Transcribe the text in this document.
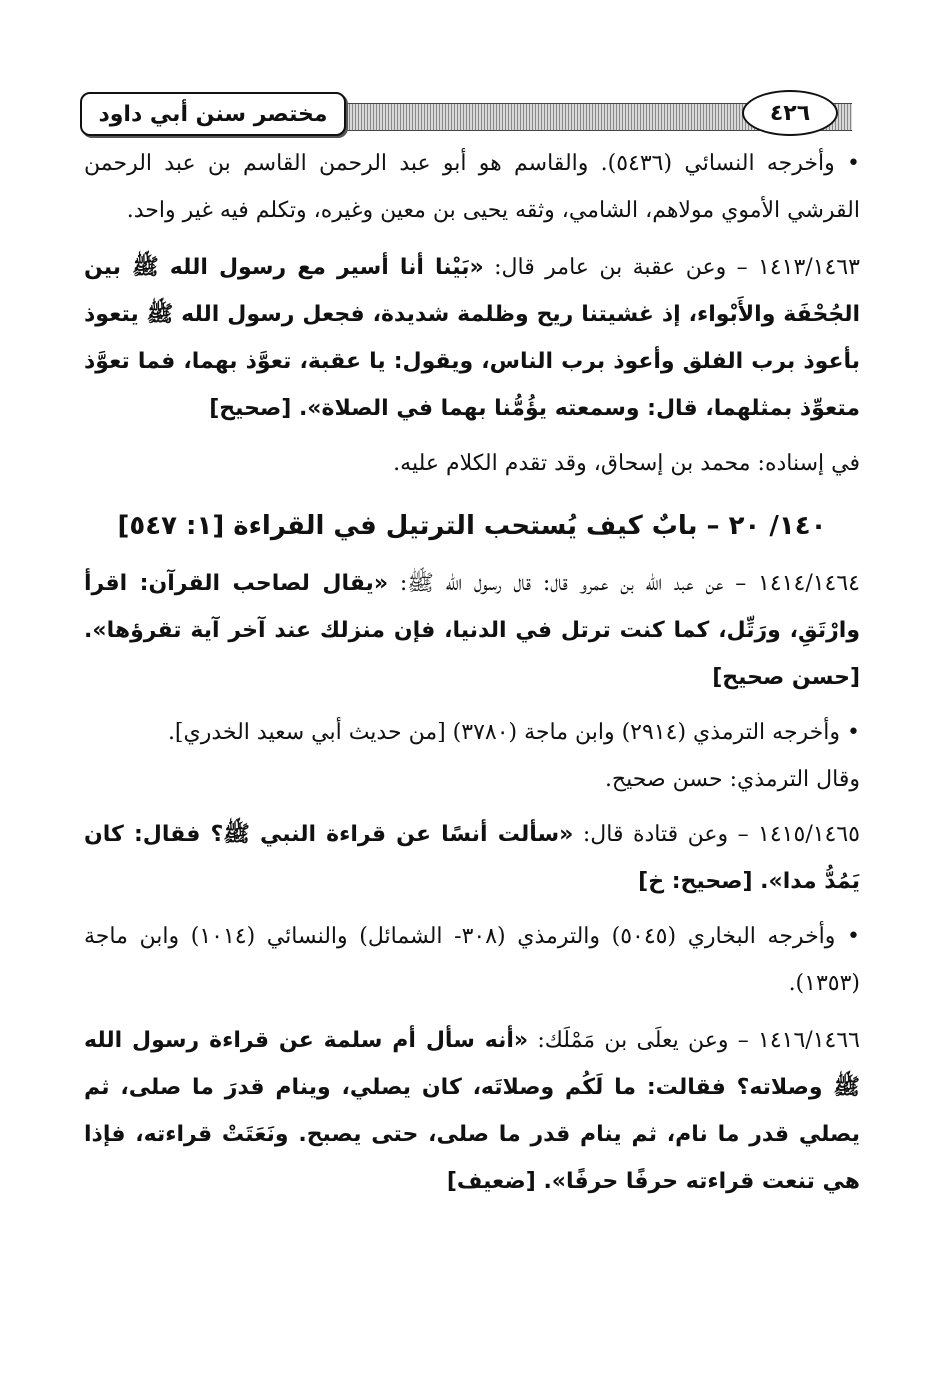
مختصر سنن أبي داود	٤٢٦

• وأخرجه النسائي (٥٤٣٦). والقاسم هو أبو عبد الرحمن القاسم بن عبد الرحمن القرشي الأموي مولاهم، الشامي، وثقه يحيى بن معين وغيره، وتكلم فيه غير واحد.

١٤١٣/١٤٦٣ – وعن عقبة بن عامر قال: «بَيْنا أنا أسير مع رسول الله ﷺ بين الجُحْفَة والأَبْواء، إذ غشيتنا ريح وظلمة شديدة، فجعل رسول الله ﷺ يتعوذ بأعوذ برب الفلق وأعوذ برب الناس، ويقول: يا عقبة، تعوَّذ بهما، فما تعوَّذ متعوِّذ بمثلهما، قال: وسمعته يؤُمُّنا بهما في الصلاة». [صحيح]

في إسناده: محمد بن إسحاق، وقد تقدم الكلام عليه.

١٤٠/ ٢٠ – بابٌ كيف يُستحب الترتيل في القراءة [١: ٥٤٧]

١٤١٤/١٤٦٤ – عن عبد الله بن عمرو قال: قال رسول الله ﷺ: «يقال لصاحب القرآن: اقرأ وارْتَقِ، ورَتِّل، كما كنت ترتل في الدنيا، فإن منزلك عند آخر آية تقرؤها». [حسن صحيح]

• وأخرجه الترمذي (٢٩١٤) وابن ماجة (٣٧٨٠) [من حديث أبي سعيد الخدري].

وقال الترمذي: حسن صحيح.

١٤١٥/١٤٦٥ – وعن قتادة قال: «سألت أنسًا عن قراءة النبي ﷺ؟ فقال: كان يَمُدُّ مدا». [صحيح: خ]

• وأخرجه البخاري (٥٠٤٥) والترمذي (٣٠٨- الشمائل) والنسائي (١٠١٤) وابن ماجة (١٣٥٣).

١٤١٦/١٤٦٦ – وعن يعلَى بن مَمْلَك: «أنه سأل أم سلمة عن قراءة رسول الله ﷺ وصلاته؟ فقالت: ما لَكُم وصلاتَه، كان يصلي، وينام قدرَ ما صلى، ثم يصلي قدر ما نام، ثم ينام قدر ما صلى، حتى يصبح. ونَعَتَتْ قراءته، فإذا هي تنعت قراءته حرفًا حرفًا». [ضعيف]
